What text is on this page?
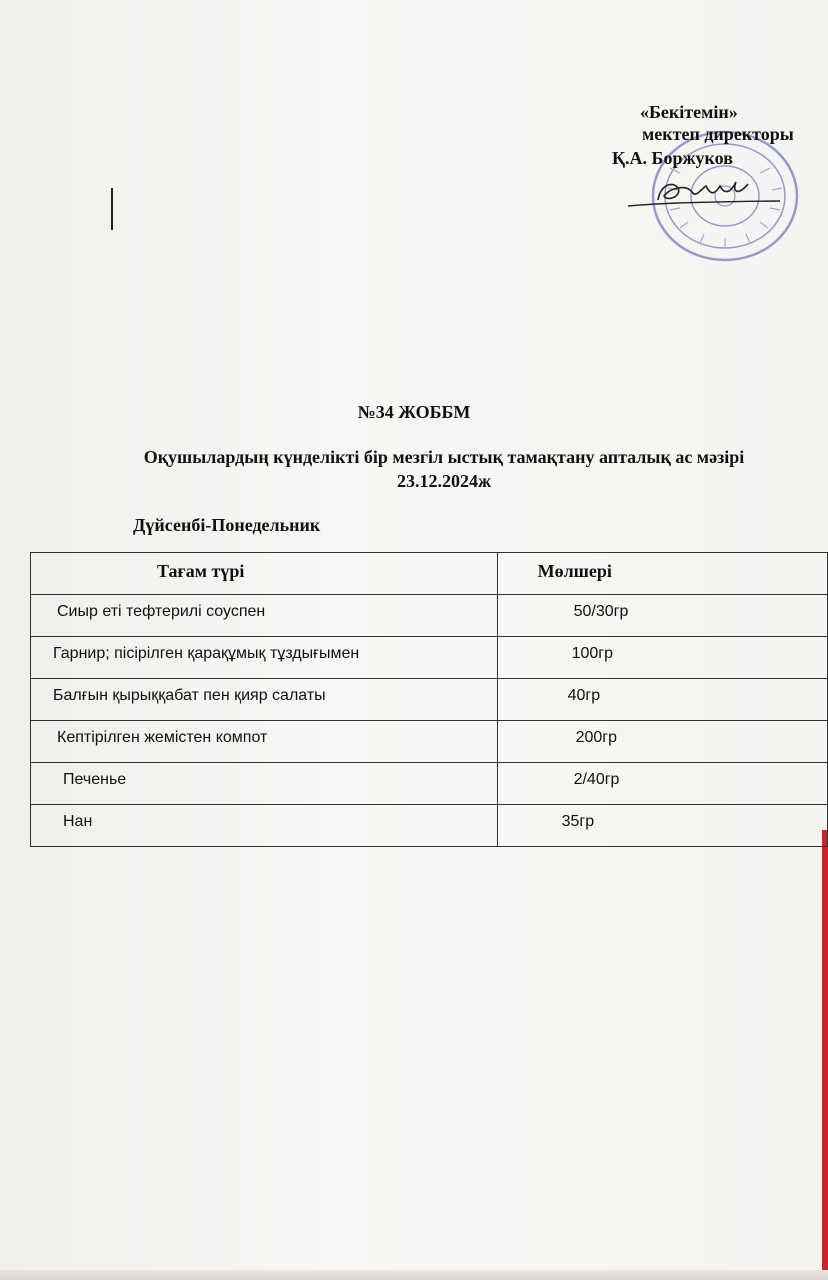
«Бекітемін»
мектеп директоры
Қ.А. Боржуков
№34 ЖОББМ
Оқушылардың күнделікті бір мезгіл ыстық тамақтану апталық ас мәзірі
23.12.2024ж
Дүйсенбі-Понедельник
Тағам түрі	Мөлшері

Сиыр еті тефтерилі соуспен	50/30гр

Гарнир; пісірілген қарақұмық тұздығымен	100гр

Балғын қырыққабат пен қияр салаты	40гр

Кептірілген жемістен компот	200гр

Печенье	2/40гр

Нан	35гр
